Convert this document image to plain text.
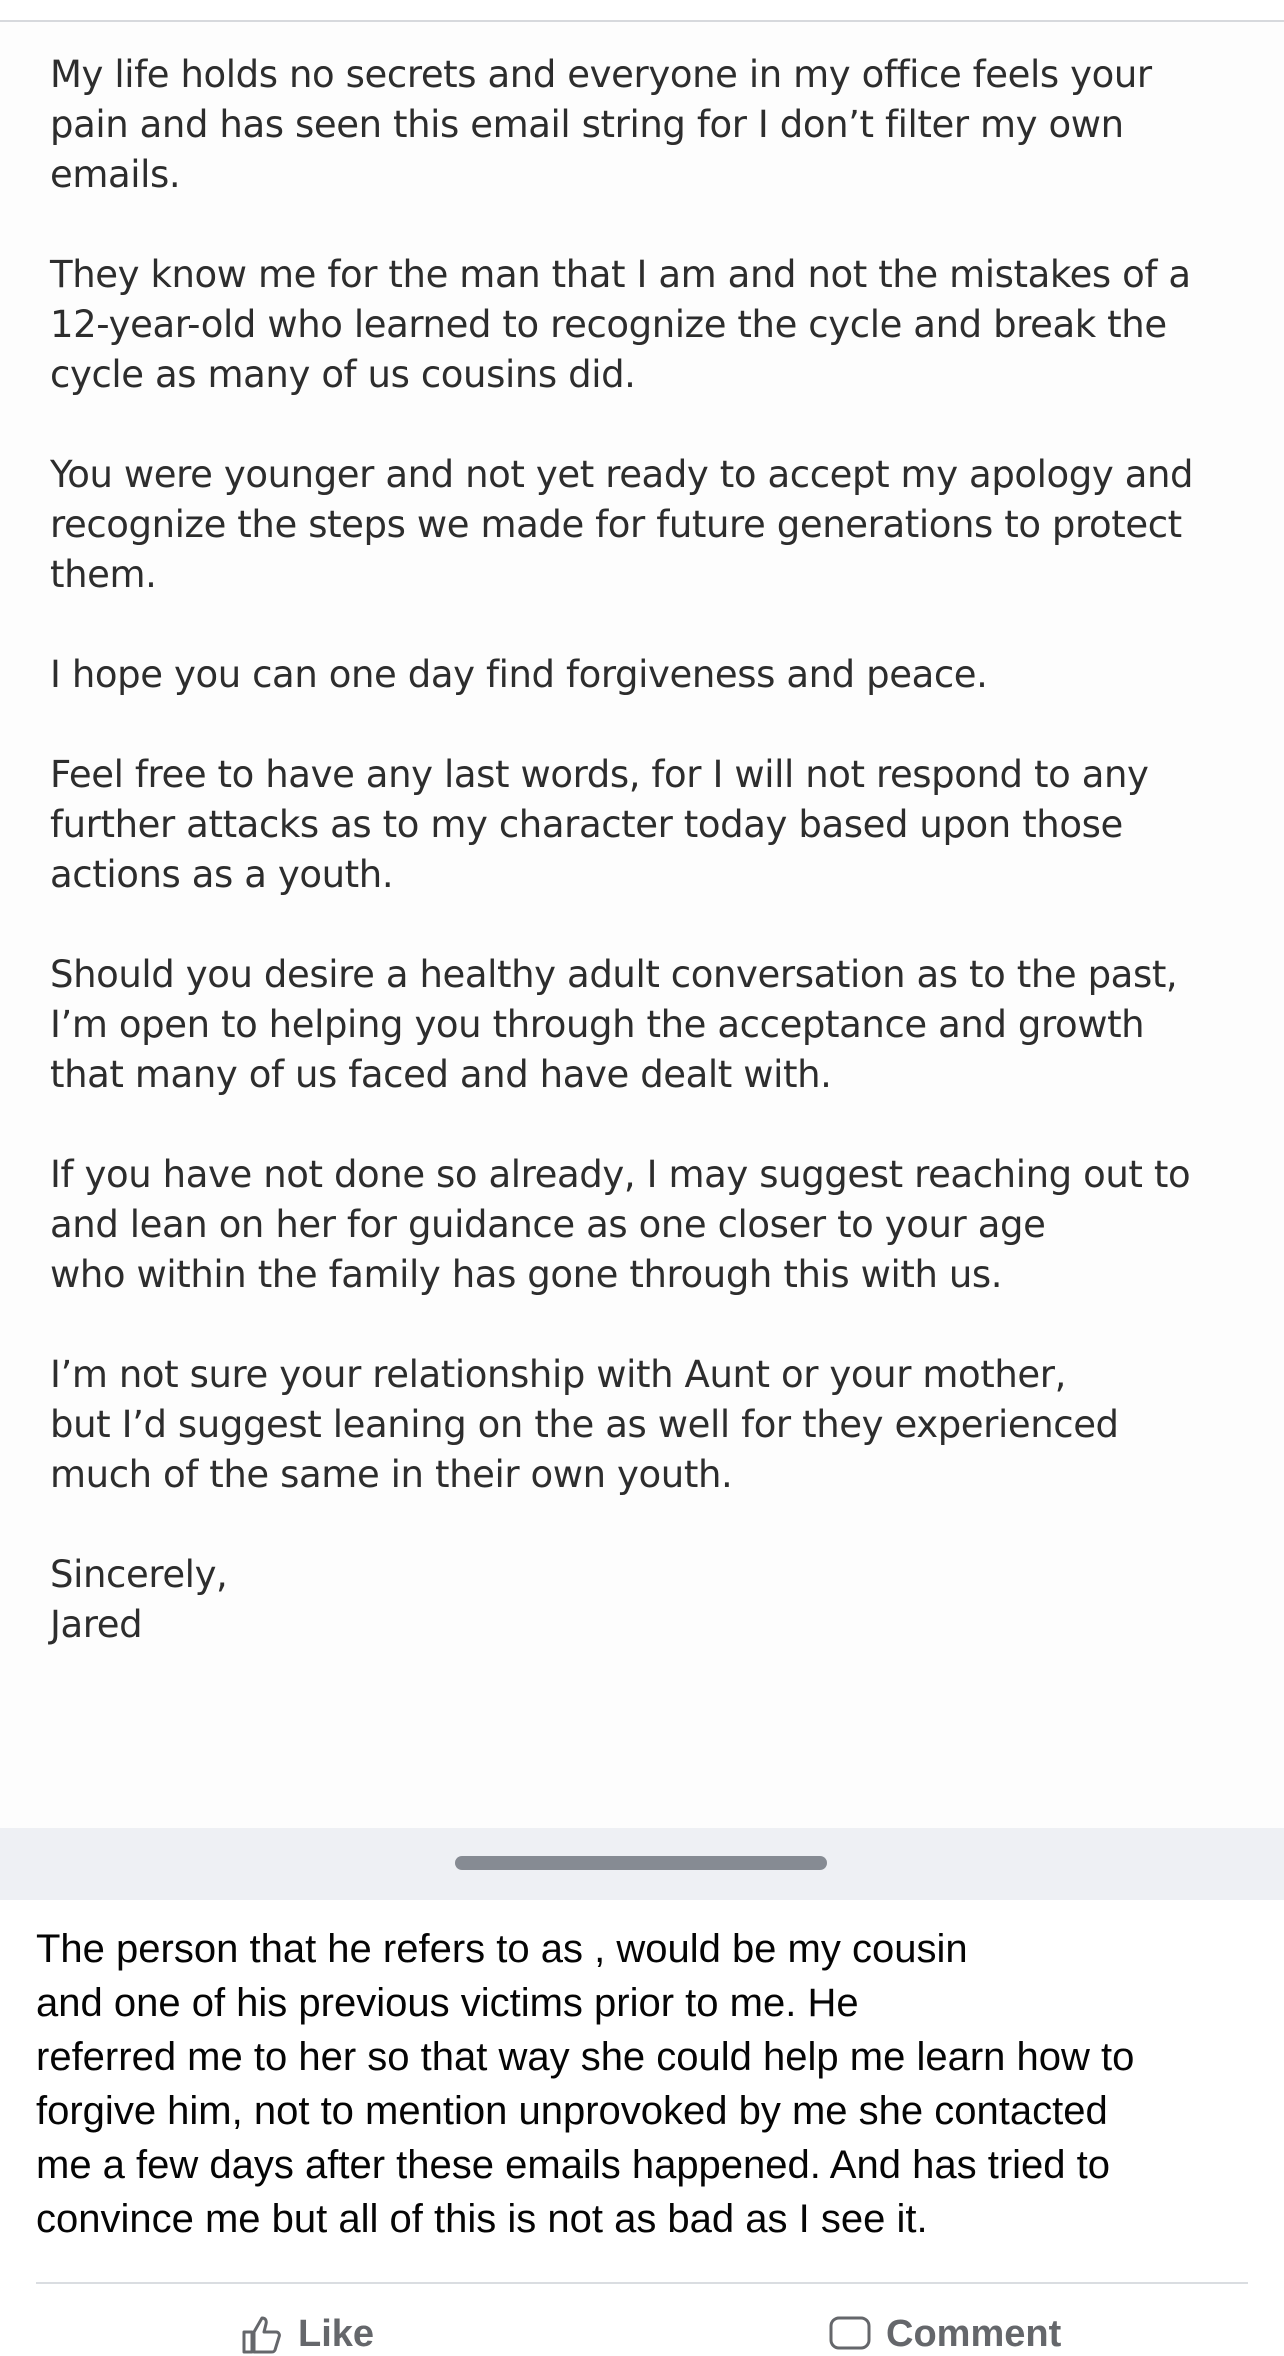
My life holds no secrets and everyone in my office feels your
pain and has seen this email string for I don’t filter my own
emails.

They know me for the man that I am and not the mistakes of a
12-year-old who learned to recognize the cycle and break the
cycle as many of us cousins did.

You were younger and not yet ready to accept my apology and
recognize the steps we made for future generations to protect
them.

I hope you can one day find forgiveness and peace.

Feel free to have any last words, for I will not respond to any
further attacks as to my character today based upon those
actions as a youth.

Should you desire a healthy adult conversation as to the past,
I’m open to helping you through the acceptance and growth
that many of us faced and have dealt with.

If you have not done so already, I may suggest reaching out to
and lean on her for guidance as one closer to your age
who within the family has gone through this with us.

I’m not sure your relationship with Aunt or your mother,
but I’d suggest leaning on the as well for they experienced
much of the same in their own youth.

Sincerely,
Jared

The person that he refers to as , would be my cousin
and one of his previous victims prior to me. He
referred me to her so that way she could help me learn how to
forgive him, not to mention unprovoked by me she contacted
me a few days after these emails happened. And has tried to
convince me but all of this is not as bad as I see it.

Like	Comment
